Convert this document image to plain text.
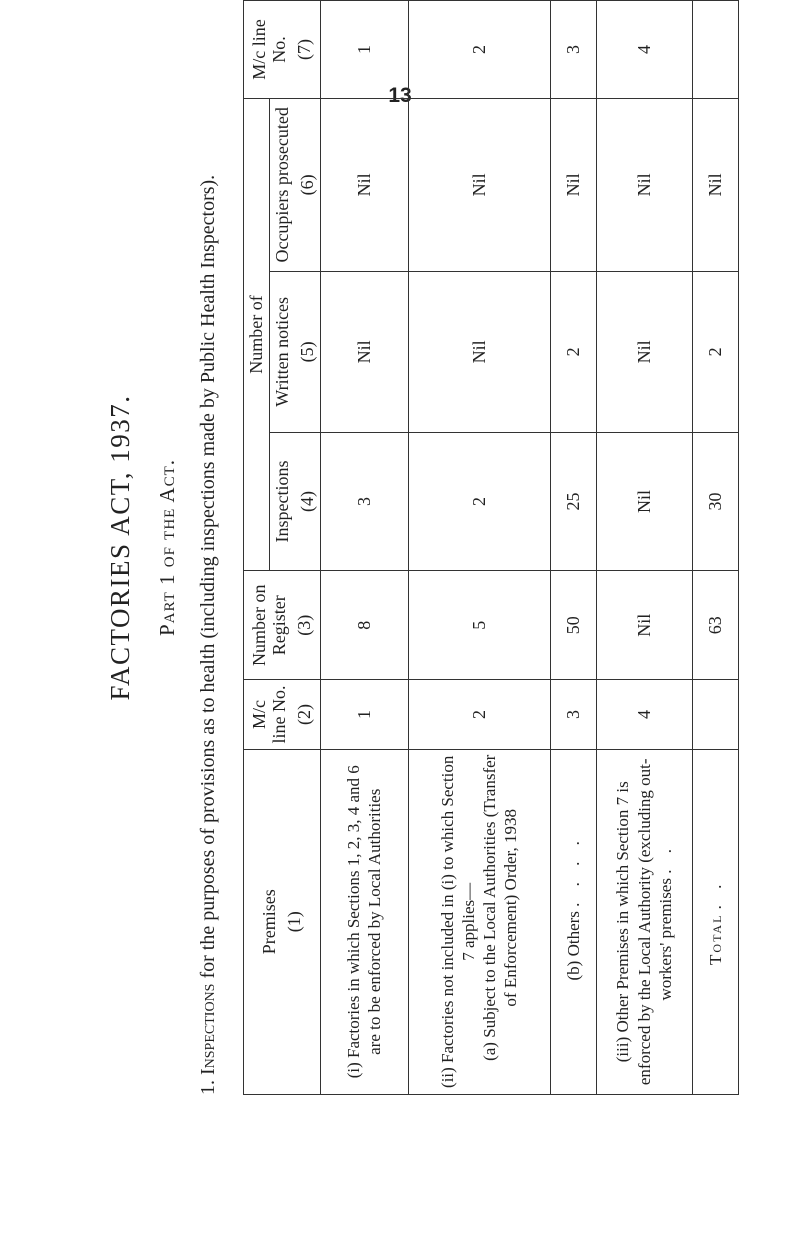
13
FACTORIES ACT, 1937. Part 1 of the Act.
1. Inspections for the purposes of provisions as to health (including inspections made by Public Health Inspectors). Premises (1)	M/c line No. (2)	Number on Register (3)	Number of			M/c line No. (7)

			Inspections (4)	Written notices (5)	Occupiers prosecuted (6)	

(i) Factories in which Sections 1, 2, 3, 4 and 6 are to be enforced by Local Authorities	1	8	3	Nil	Nil	1
(ii) Factories not included in (i) to which Section 7 applies— (a) Subject to the Local Authorities (Transfer of Enforcement) Order, 1938	2	5	2	Nil	Nil	2
(b) Others . . . .	3	50	25	2	Nil	3
(iii) Other Premises in which Section 7 is enforced by the Local Authority (excluding out-workers' premises . .	4	Nil	Nil	Nil	Nil	4
Total . .		63	30	2	Nil	
